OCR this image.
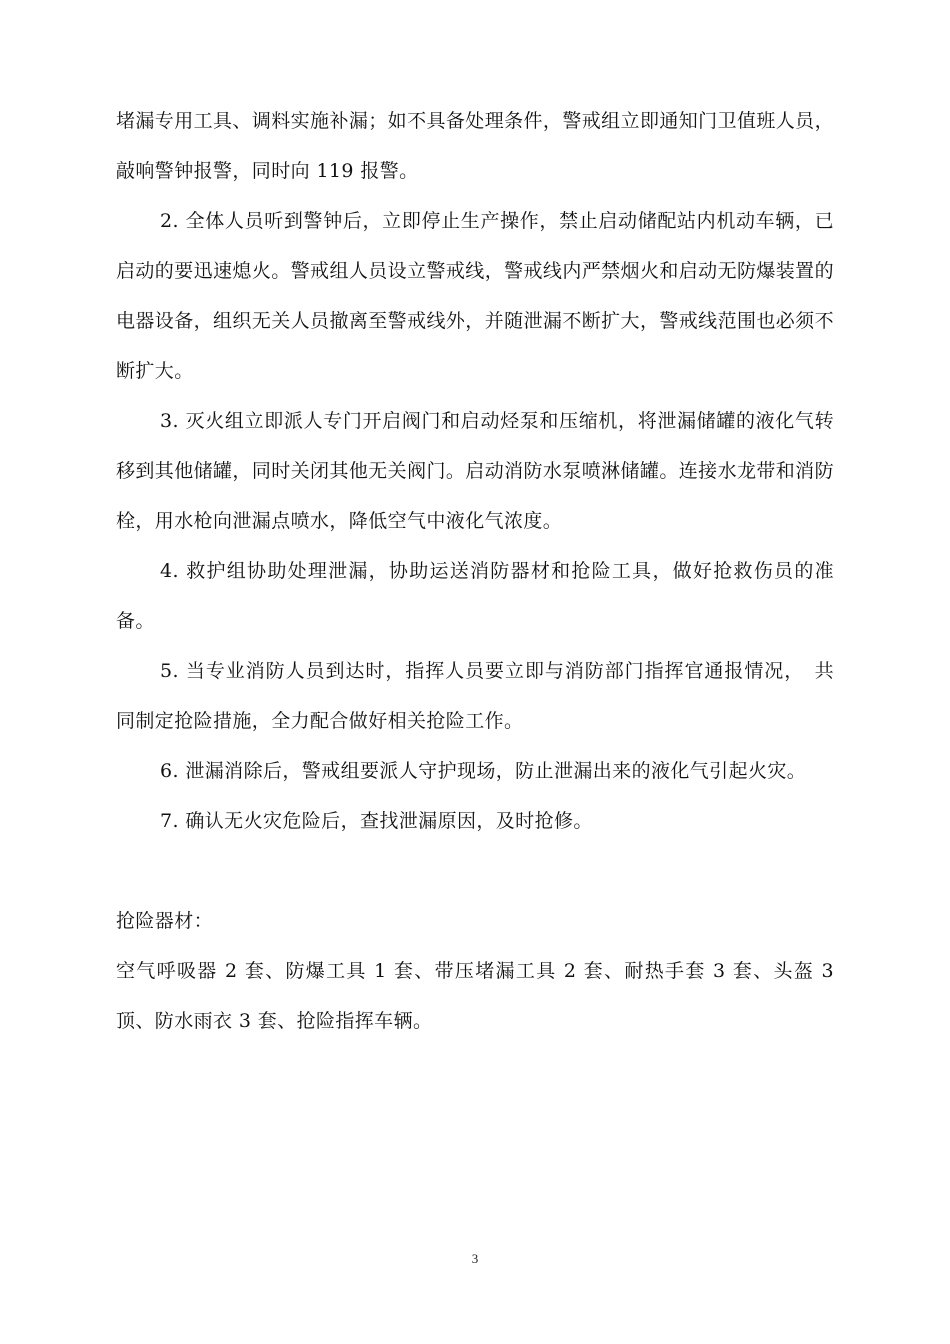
堵漏专用工具、调料实施补漏；如不具备处理条件，警戒组立即通知门卫值班人员，敲响警钟报警，同时向 119 报警。

2. 全体人员听到警钟后，立即停止生产操作，禁止启动储配站内机动车辆，已启动的要迅速熄火。警戒组人员设立警戒线，警戒线内严禁烟火和启动无防爆装置的电器设备，组织无关人员撤离至警戒线外，并随泄漏不断扩大，警戒线范围也必须不断扩大。

3. 灭火组立即派人专门开启阀门和启动烃泵和压缩机，将泄漏储罐的液化气转移到其他储罐，同时关闭其他无关阀门。启动消防水泵喷淋储罐。连接水龙带和消防栓，用水枪向泄漏点喷水，降低空气中液化气浓度。

4. 救护组协助处理泄漏，协助运送消防器材和抢险工具，做好抢救伤员的准备。

5. 当专业消防人员到达时，指挥人员要立即与消防部门指挥官通报情况，　共同制定抢险措施，全力配合做好相关抢险工作。

6. 泄漏消除后，警戒组要派人守护现场，防止泄漏出来的液化气引起火灾。

7. 确认无火灾危险后，查找泄漏原因，及时抢修。

抢险器材：

空气呼吸器 2 套、防爆工具 1 套、带压堵漏工具 2 套、耐热手套 3 套、头盔 3 顶、防水雨衣 3 套、抢险指挥车辆。

3
